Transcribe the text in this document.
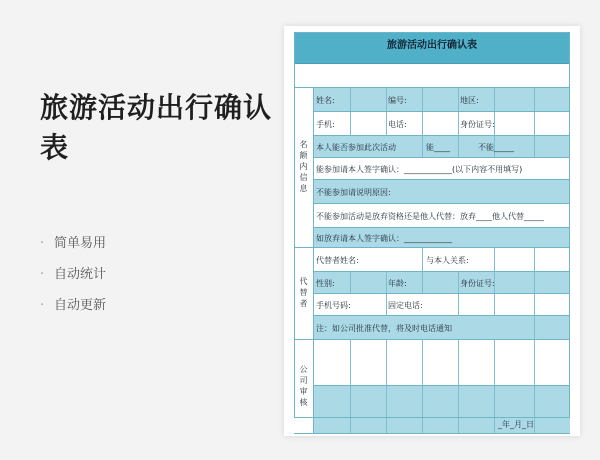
旅游活动出行确认表
· 简单易用
· 自动统计
· 自动更新
旅游活动出行确认表
姓名:	编号:	地区:
手机:	电话:	身份证号:
本人能否参加此次活动	能____	不能_____
能参加请本人签字确认：____________(以下内容不用填写)
不能参加请说明原因:
不能参加活动是放弃资格还是他人代替：放弃____他人代替_____
如放弃请本人签字确认：____________
代替者姓名:	与本人关系:
性别:	年龄:	身份证号:
手机号码:	固定电话:
注：如公司批准代替，将及时电话通知
_年_月_日
名额内信息
代替者
公司审核
